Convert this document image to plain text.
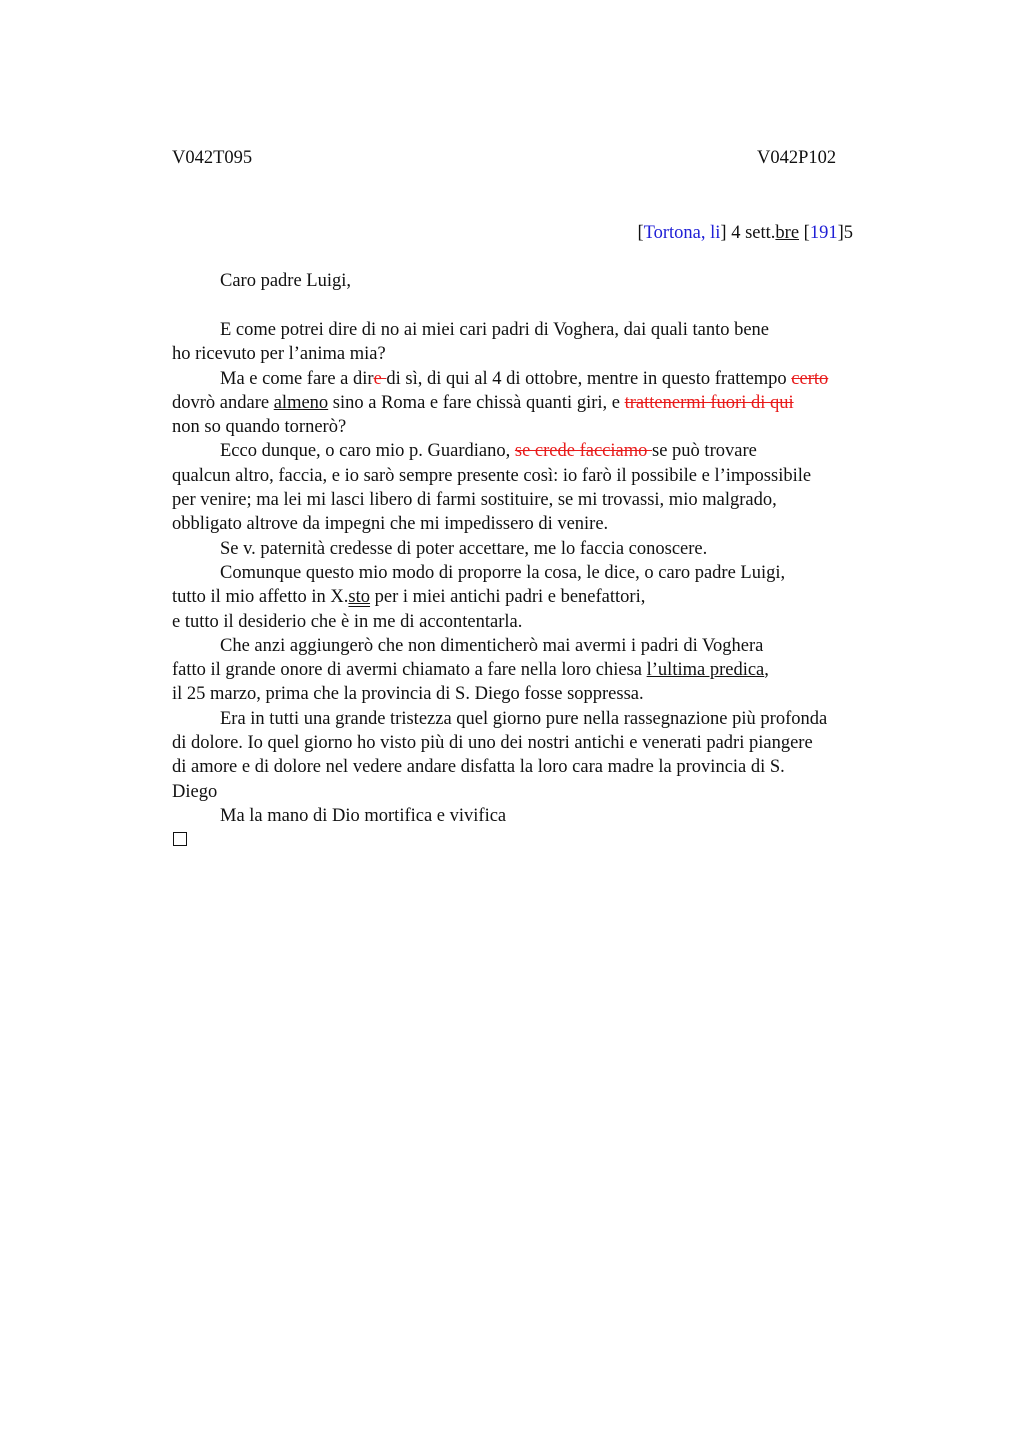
V042T095	V042P102
[Tortona, li] 4 sett.bre [191]5
Caro padre Luigi,
E come potrei dire di no ai miei cari padri di Voghera, dai quali tanto bene
ho ricevuto per l’anima mia?
Ma e come fare a dire di sì, di qui al 4 di ottobre, mentre in questo frattempo certo
dovrò andare almeno sino a Roma e fare chissà quanti giri, e trattenermi fuori di qui
non so quando tornerò?
Ecco dunque, o caro mio p. Guardiano, se crede facciamo se può trovare
qualcun altro, faccia, e io sarò sempre presente così: io farò il possibile e l’impossibile
per venire; ma lei mi lasci libero di farmi sostituire, se mi trovassi, mio malgrado,
obbligato altrove da impegni che mi impedissero di venire.
Se v. paternità credesse di poter accettare, me lo faccia conoscere.
Comunque questo mio modo di proporre la cosa, le dice, o caro padre Luigi,
tutto il mio affetto in X.sto per i miei antichi padri e benefattori,
e tutto il desiderio che è in me di accontentarla.
Che anzi aggiungerò che non dimenticherò mai avermi i padri di Voghera
fatto il grande onore di avermi chiamato a fare nella loro chiesa l’ultima predica,
il 25 marzo, prima che la provincia di S. Diego fosse soppressa.
Era in tutti una grande tristezza quel giorno pure nella rassegnazione più profonda
di dolore. Io quel giorno ho visto più di uno dei nostri antichi e venerati padri piangere
di amore e di dolore nel vedere andare disfatta la loro cara madre la provincia di S.
Diego
Ma la mano di Dio mortifica e vivifica
